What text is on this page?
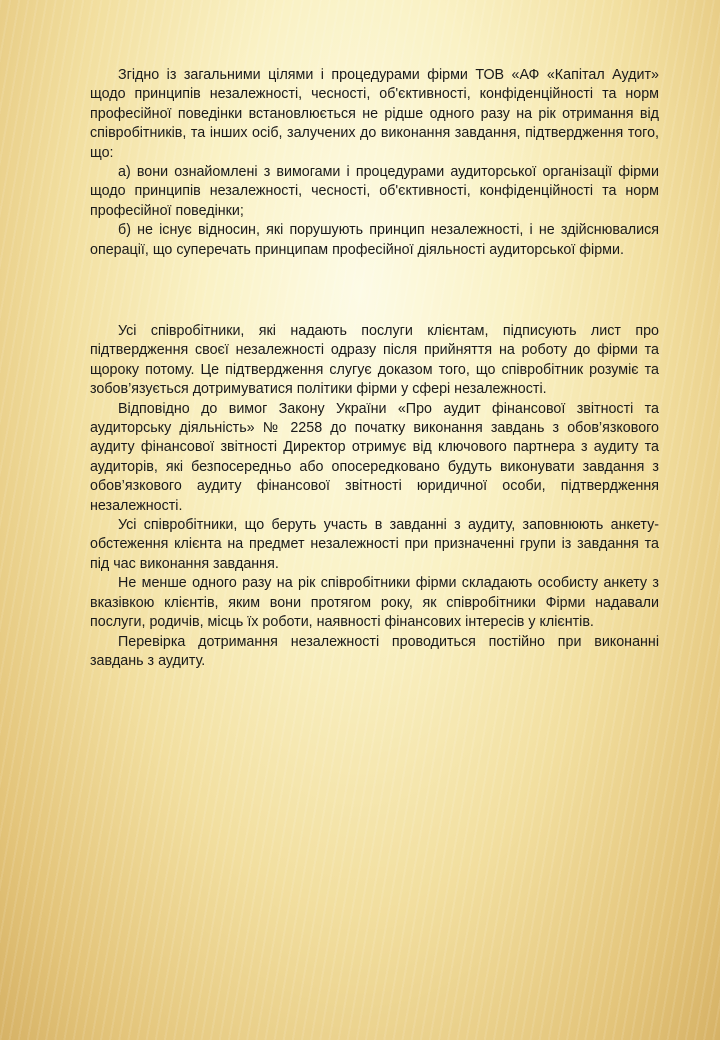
Згідно із загальними цілями і процедурами фірми ТОВ «АФ «Капітал Аудит» щодо принципів незалежності, чесності, об'єктивності, конфіденційності та норм професійної поведінки встановлюється не рідше одного разу на рік отримання від співробітників, та інших осіб, залучених до виконання завдання, підтвердження того, що:

а) вони ознайомлені з вимогами і процедурами аудиторської організації фірми щодо принципів незалежності, чесності, об'єктивності, конфіденційності та норм професійної поведінки;

б) не існує відносин, які порушують принцип незалежності, і не здійснювалися операції, що суперечать принципам професійної діяльності аудиторської фірми.

Усі співробітники, які надають послуги клієнтам, підписують лист про підтвердження своєї незалежності одразу після прийняття на роботу до фірми та щороку потому. Це підтвердження слугує доказом того, що співробітник розуміє та зобов’язується дотримуватися політики фірми у сфері незалежності.

Відповідно до вимог Закону України «Про аудит фінансової звітності та аудиторську діяльність» № 2258 до початку виконання завдань з обов’язкового аудиту фінансової звітності Директор отримує від ключового партнера з аудиту та аудиторів, які безпосередньо або опосередковано будуть виконувати завдання з обов’язкового аудиту фінансової звітності юридичної особи, підтвердження незалежності.

Усі співробітники, що беруть участь в завданні з аудиту, заповнюють анкету-обстеження клієнта на предмет незалежності при призначенні групи із завдання та під час виконання завдання.

Не менше одного разу на рік співробітники фірми складають особисту анкету з вказівкою клієнтів, яким вони протягом року, як співробітники Фірми надавали послуги, родичів, місць їх роботи, наявності фінансових інтересів у клієнтів.

Перевірка дотримання незалежності проводиться постійно при виконанні завдань з аудиту.
